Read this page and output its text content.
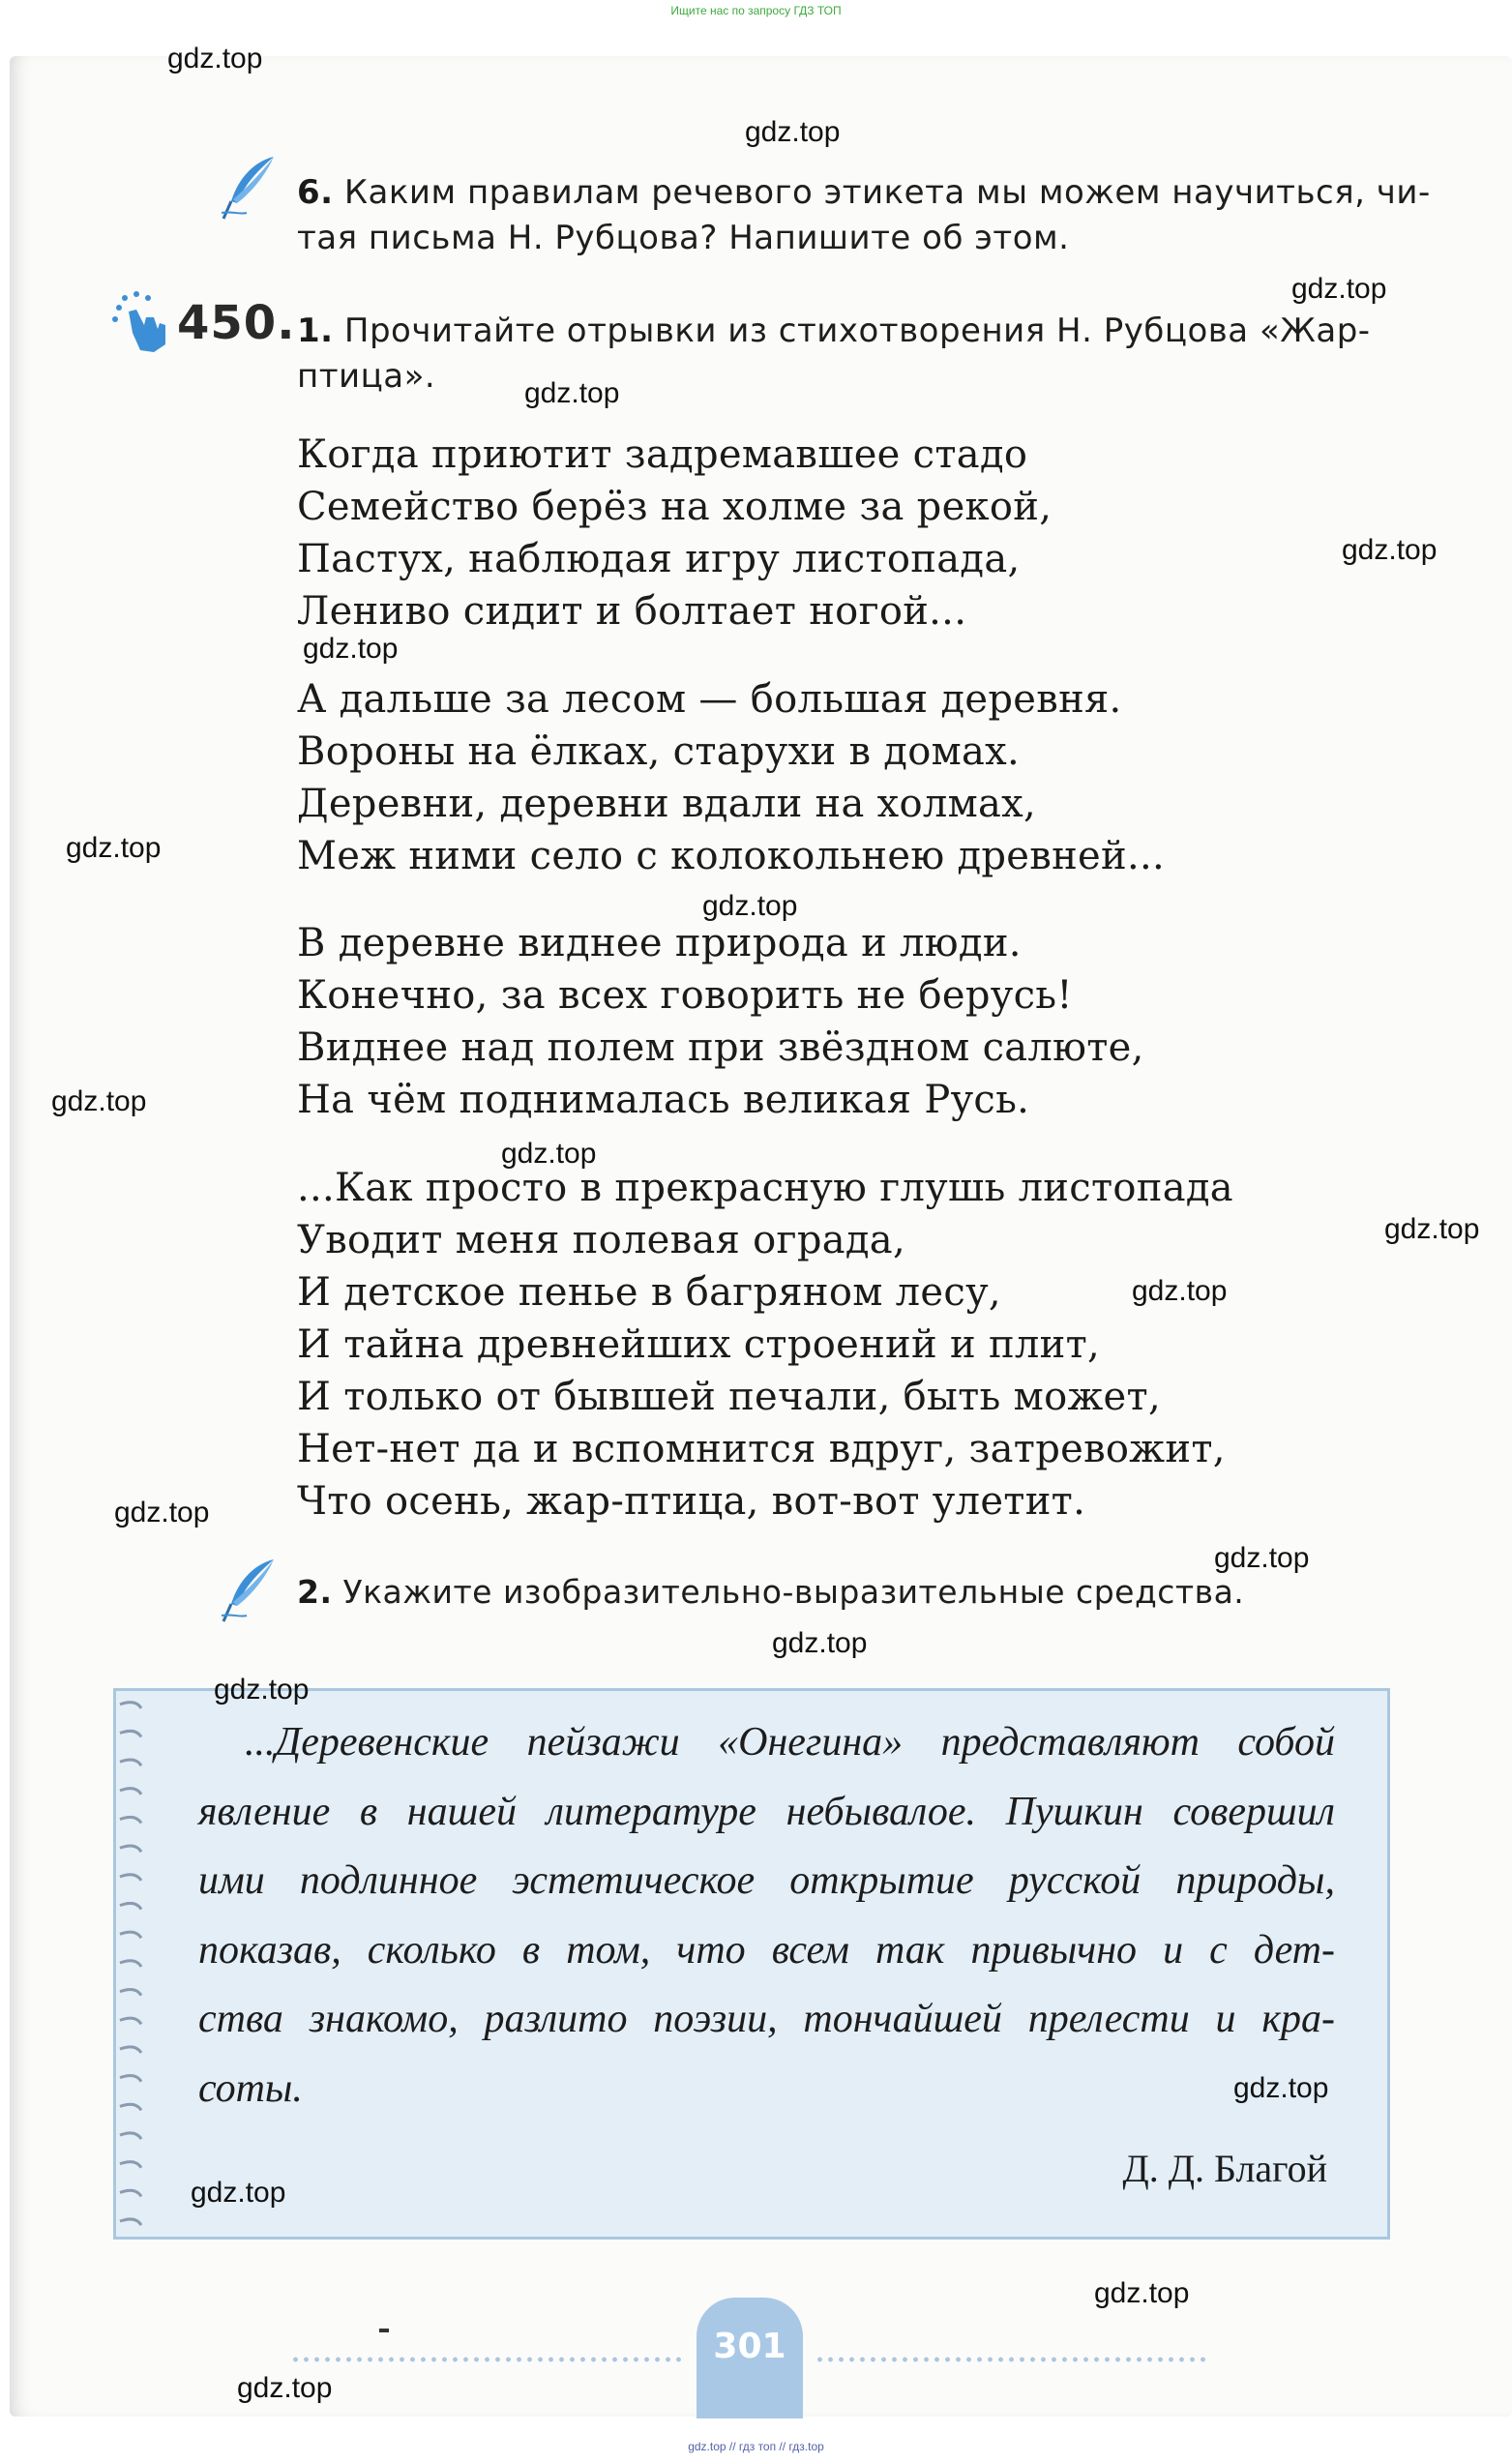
Ищите нас по запросу ГДЗ ТОП
6. Каким правилам речевого этикета мы можем научиться, чи-
тая письма Н. Рубцова? Напишите об этом.
450. 1. Прочитайте отрывки из стихотворения Н. Рубцова «Жар-
птица».
Когда приютит задремавшее стадо
Семейство берёз на холме за рекой,
Пастух, наблюдая игру листопада,
Лениво сидит и болтает ногой...
А дальше за лесом — большая деревня.
Вороны на ёлках, старухи в домах.
Деревни, деревни вдали на холмах,
Меж ними село с колокольнею древней...
В деревне виднее природа и люди.
Конечно, за всех говорить не берусь!
Виднее над полем при звёздном салюте,
На чём поднималась великая Русь.
...Как просто в прекрасную глушь листопада
Уводит меня полевая ограда,
И детское пенье в багряном лесу,
И тайна древнейших строений и плит,
И только от бывшей печали, быть может,
Нет-нет да и вспомнится вдруг, затревожит,
Что осень, жар-птица, вот-вот улетит.
2. Укажите изобразительно-выразительные средства.
...Деревенские пейзажи «Онегина» представляют собой
явление в нашей литературе небывалое. Пушкин совершил
ими подлинное эстетическое открытие русской природы,
показав, сколько в том, что всем так привычно и с дет-
ства знакомо, разлито поэзии, тончайшей прелести и кра-
соты.
Д. Д. Благой
301
gdz.top // гдз топ // гдз.top
gdz.top
gdz.top
gdz.top
gdz.top
gdz.top
gdz.top
gdz.top
gdz.top
gdz.top
gdz.top
gdz.top
gdz.top
gdz.top
gdz.top
gdz.top
gdz.top
gdz.top
gdz.top
gdz.top
gdz.top
